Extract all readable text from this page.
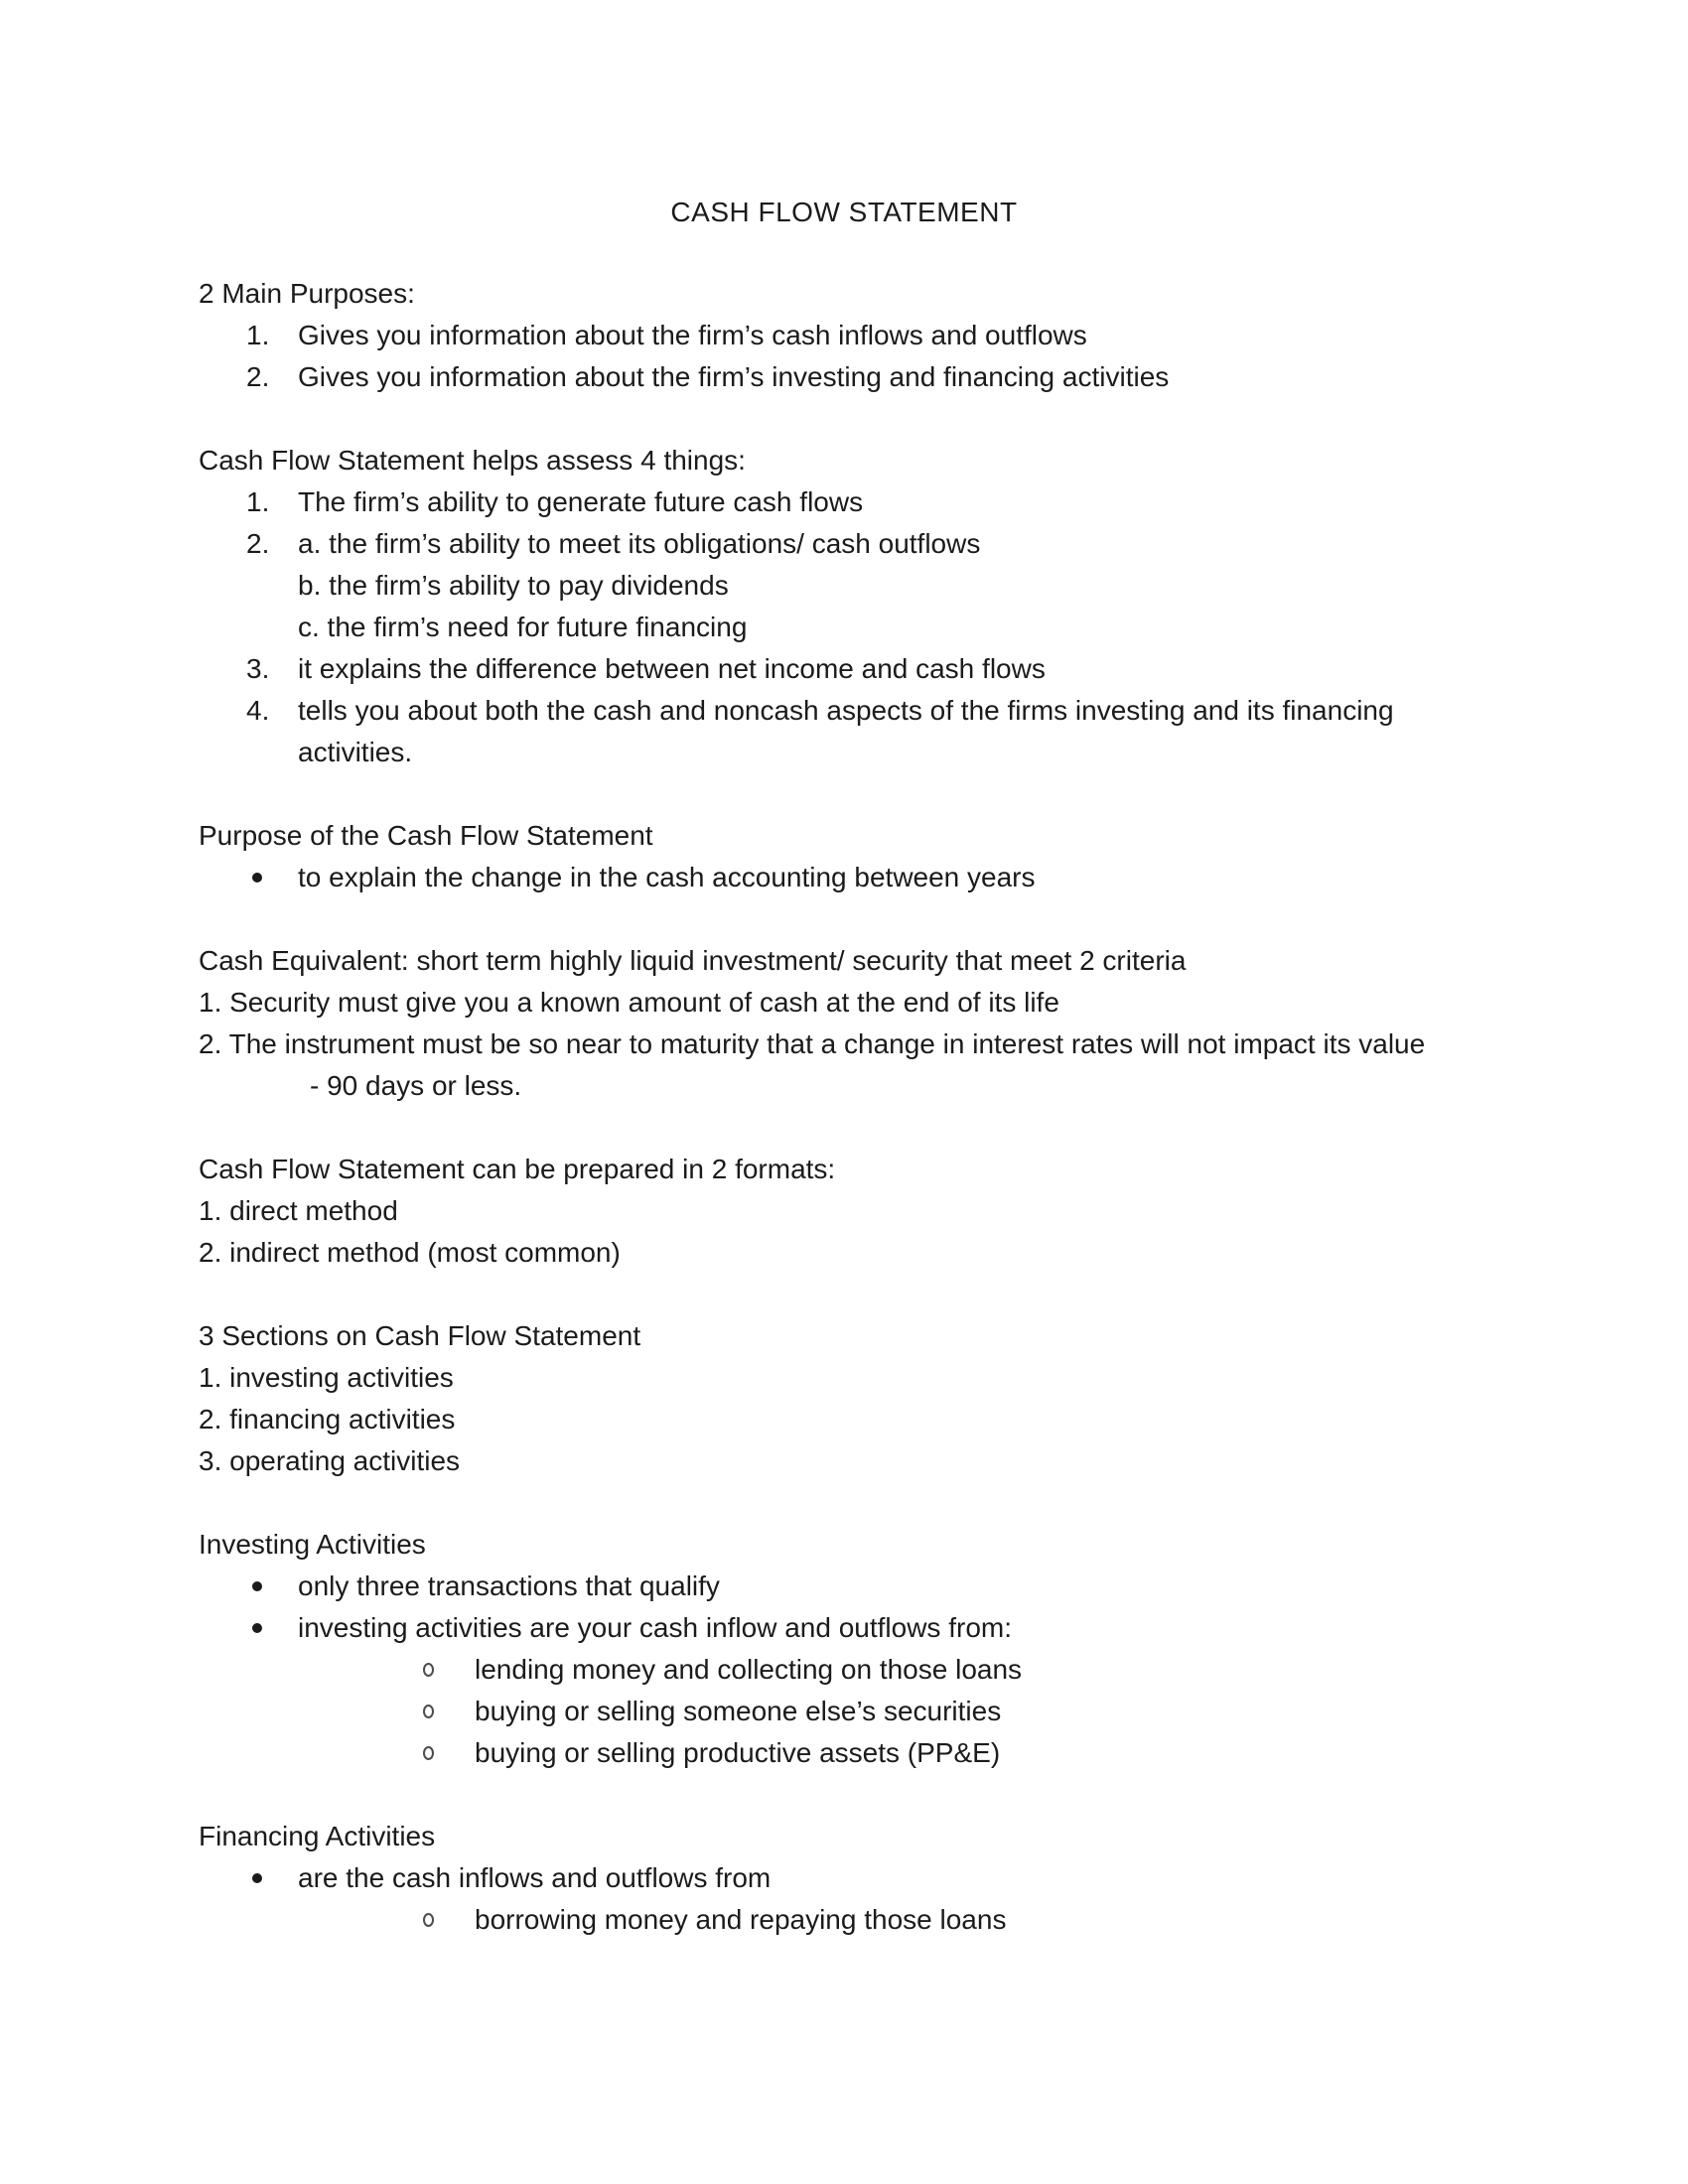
CASH FLOW STATEMENT
2 Main Purposes:
1. Gives you information about the firm’s cash inflows and outflows
2. Gives you information about the firm’s investing and financing activities
Cash Flow Statement helps assess 4 things:
1. The firm’s ability to generate future cash flows
2. a. the firm’s ability to meet its obligations/ cash outflows
b. the firm’s ability to pay dividends
c. the firm’s need for future financing
3. it explains the difference between net income and cash flows
4. tells you about both the cash and noncash aspects of the firms investing and its financing
activities.
Purpose of the Cash Flow Statement
to explain the change in the cash accounting between years
Cash Equivalent: short term highly liquid investment/ security that meet 2 criteria
1. Security must give you a known amount of cash at the end of its life
2. The instrument must be so near to maturity that a change in interest rates will not impact its value
- 90 days or less.
Cash Flow Statement can be prepared in 2 formats:
1. direct method
2. indirect method (most common)
3 Sections on Cash Flow Statement
1. investing activities
2. financing activities
3. operating activities
Investing Activities
only three transactions that qualify
investing activities are your cash inflow and outflows from:
lending money and collecting on those loans
buying or selling someone else’s securities
buying or selling productive assets (PP&E)
Financing Activities
are the cash inflows and outflows from
borrowing money and repaying those loans
